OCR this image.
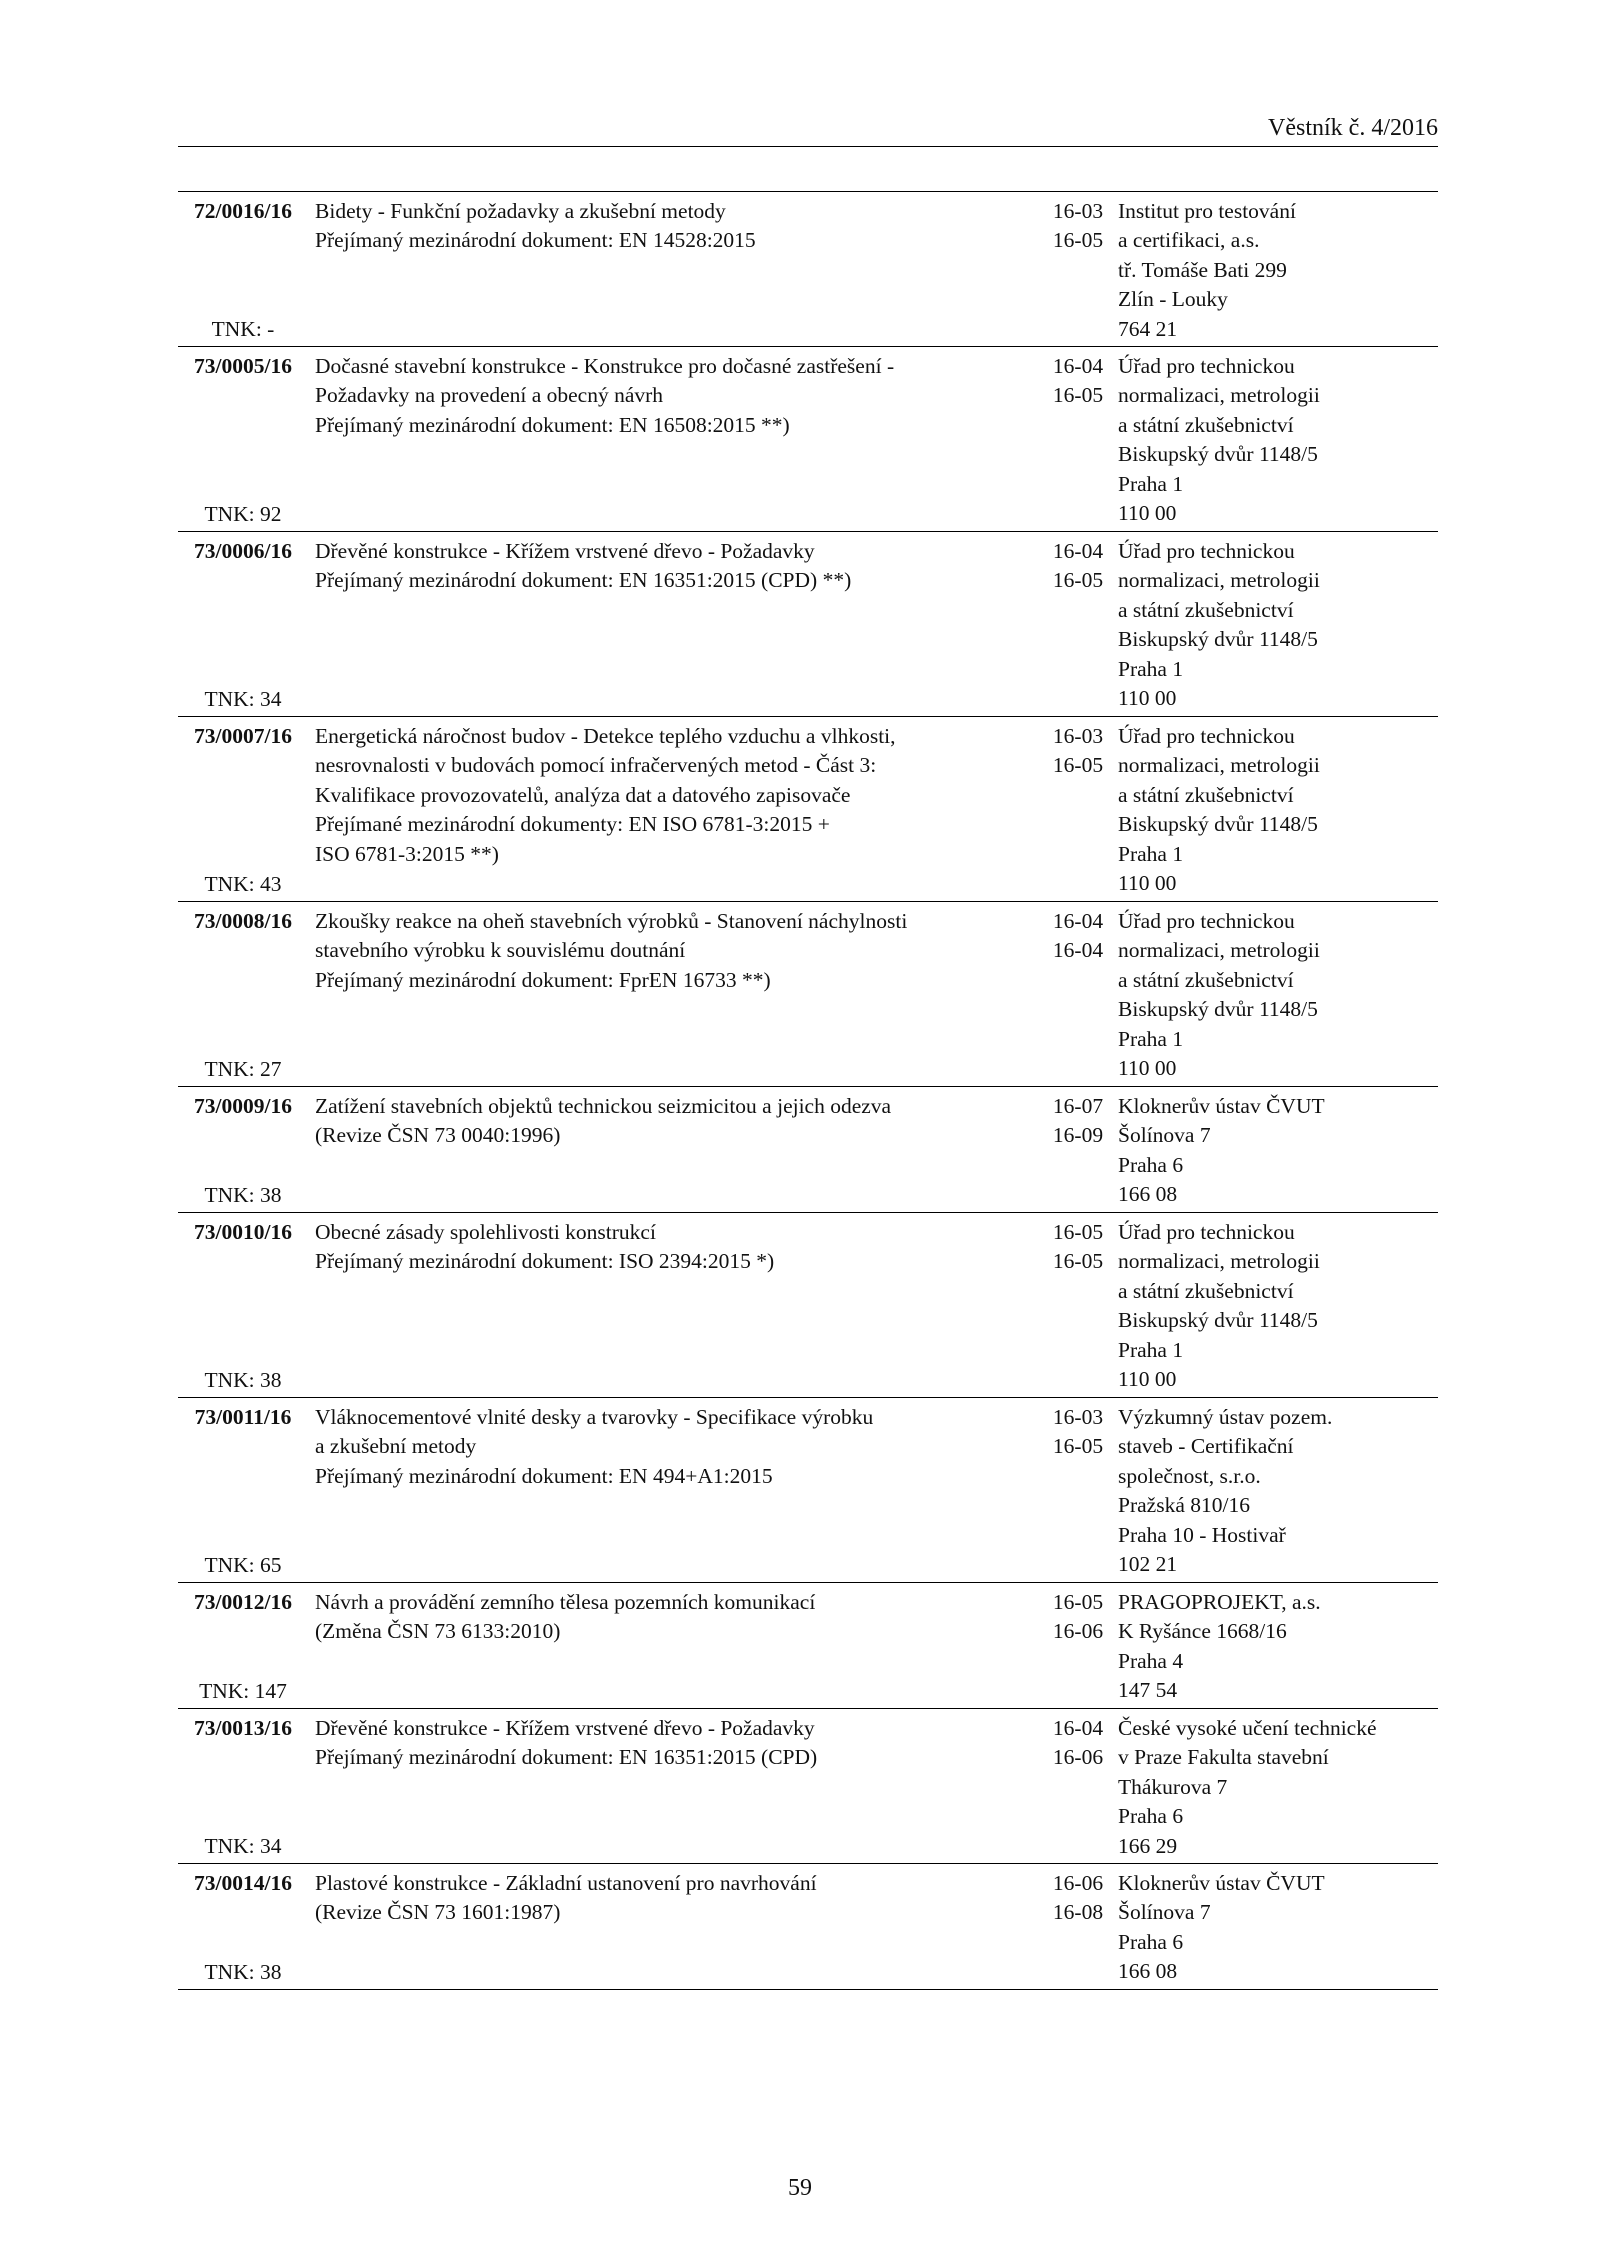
Věstník č. 4/2016
72/0016/16
TNK: -
Bidety - Funkční požadavky a zkušební metody
Přejímaný mezinárodní dokument: EN 14528:2015
16-03
16-05
Institut pro testování
a certifikaci, a.s.
tř. Tomáše Bati 299
Zlín - Louky
764 21
73/0005/16
TNK: 92
Dočasné stavební konstrukce - Konstrukce pro dočasné zastřešení -
Požadavky na provedení a obecný návrh
Přejímaný mezinárodní dokument: EN 16508:2015 **)
16-04
16-05
Úřad pro technickou
normalizaci, metrologii
a státní zkušebnictví
Biskupský dvůr 1148/5
Praha 1
110 00
73/0006/16
TNK: 34
Dřevěné konstrukce - Křížem vrstvené dřevo - Požadavky
Přejímaný mezinárodní dokument: EN 16351:2015 (CPD) **)
16-04
16-05
Úřad pro technickou
normalizaci, metrologii
a státní zkušebnictví
Biskupský dvůr 1148/5
Praha 1
110 00
73/0007/16
TNK: 43
Energetická náročnost budov - Detekce teplého vzduchu a vlhkosti,
nesrovnalosti v budovách pomocí infračervených metod - Část 3:
Kvalifikace provozovatelů, analýza dat a datového zapisovače
Přejímané mezinárodní dokumenty: EN ISO 6781-3:2015 +
ISO 6781-3:2015 **)
16-03
16-05
Úřad pro technickou
normalizaci, metrologii
a státní zkušebnictví
Biskupský dvůr 1148/5
Praha 1
110 00
73/0008/16
TNK: 27
Zkoušky reakce na oheň stavebních výrobků - Stanovení náchylnosti
stavebního výrobku k souvislému doutnání
Přejímaný mezinárodní dokument: FprEN 16733 **)
16-04
16-04
Úřad pro technickou
normalizaci, metrologii
a státní zkušebnictví
Biskupský dvůr 1148/5
Praha 1
110 00
73/0009/16
TNK: 38
Zatížení stavebních objektů technickou seizmicitou a jejich odezva
(Revize ČSN 73 0040:1996)
16-07
16-09
Kloknerův ústav ČVUT
Šolínova 7
Praha 6
166 08
73/0010/16
TNK: 38
Obecné zásady spolehlivosti konstrukcí
Přejímaný mezinárodní dokument: ISO 2394:2015 *)
16-05
16-05
Úřad pro technickou
normalizaci, metrologii
a státní zkušebnictví
Biskupský dvůr 1148/5
Praha 1
110 00
73/0011/16
TNK: 65
Vláknocementové vlnité desky a tvarovky - Specifikace výrobku
a zkušební metody
Přejímaný mezinárodní dokument: EN 494+A1:2015
16-03
16-05
Výzkumný ústav pozem.
staveb - Certifikační
společnost, s.r.o.
Pražská 810/16
Praha 10 - Hostivař
102 21
73/0012/16
TNK: 147
Návrh a provádění zemního tělesa pozemních komunikací
(Změna ČSN 73 6133:2010)
16-05
16-06
PRAGOPROJEKT, a.s.
K Ryšánce 1668/16
Praha 4
147 54
73/0013/16
TNK: 34
Dřevěné konstrukce - Křížem vrstvené dřevo - Požadavky
Přejímaný mezinárodní dokument: EN 16351:2015 (CPD)
16-04
16-06
České vysoké učení technické
v Praze Fakulta stavební
Thákurova 7
Praha 6
166 29
73/0014/16
TNK: 38
Plastové konstrukce - Základní ustanovení pro navrhování
(Revize ČSN 73 1601:1987)
16-06
16-08
Kloknerův ústav ČVUT
Šolínova 7
Praha 6
166 08
59
